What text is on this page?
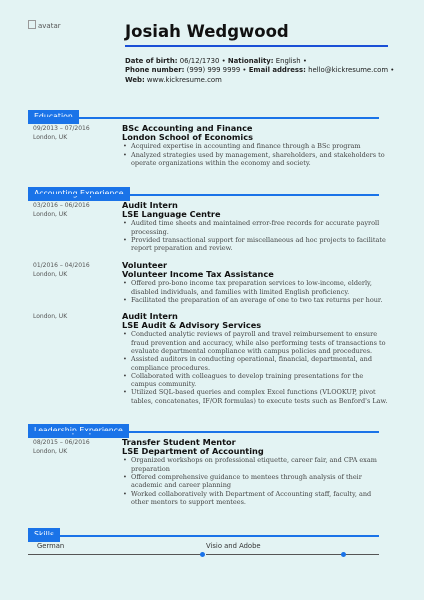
avatar	Josiah Wedgwood
Date of birth: 06/12/1730 • Nationality: English •
Phone number: (999) 999 9999 • Email address: hello@kickresume.com •
Web: www.kickresume.com
09/2013 – 07/2016
London, UK
BSc Accounting and Finance
London School of Economics
• Acquired expertise in accounting and finance through a BSc program
• Analyzed strategies used by management, shareholders, and stakeholders to operate organizations within the economy and society.
03/2016 – 06/2016
London, UK
Audit Intern
LSE Language Centre
• Audited time sheets and maintained error-free records for accurate payroll processing.
• Provided transactional support for miscellaneous ad hoc projects to facilitate report preparation and review.
01/2016 – 04/2016
London, UK
Volunteer
Volunteer Income Tax Assistance
• Offered pro-bono income tax preparation services to low-income, elderly, disabled individuals, and families with limited English proficiency.
• Facilitated the preparation of an average of one to two tax returns per hour.
London, UK	Audit Intern
LSE Audit & Advisory Services
• Conducted analytic reviews of payroll and travel reimbursement to ensure fraud prevention and accuracy, while also performing tests of transactions to evaluate departmental compliance with campus policies and procedures.
• Assisted auditors in conducting operational, financial, departmental, and compliance procedures.
• Collaborated with colleagues to develop training presentations for the campus community.
• Utilized SQL-based queries and complex Excel functions (VLOOKUP, pivot tables, concatenates, IF/OR formulas) to execute tests such as Benford's Law.
08/2015 – 06/2016
London, UK
Transfer Student Mentor
LSE Department of Accounting
• Organized workshops on professional etiquette, career fair, and CPA exam preparation
• Offered comprehensive guidance to mentees through analysis of their academic and career planning
• Worked collaboratively with Department of Accounting staff, faculty, and other mentors to support mentees.
German	Visio and Adobe
